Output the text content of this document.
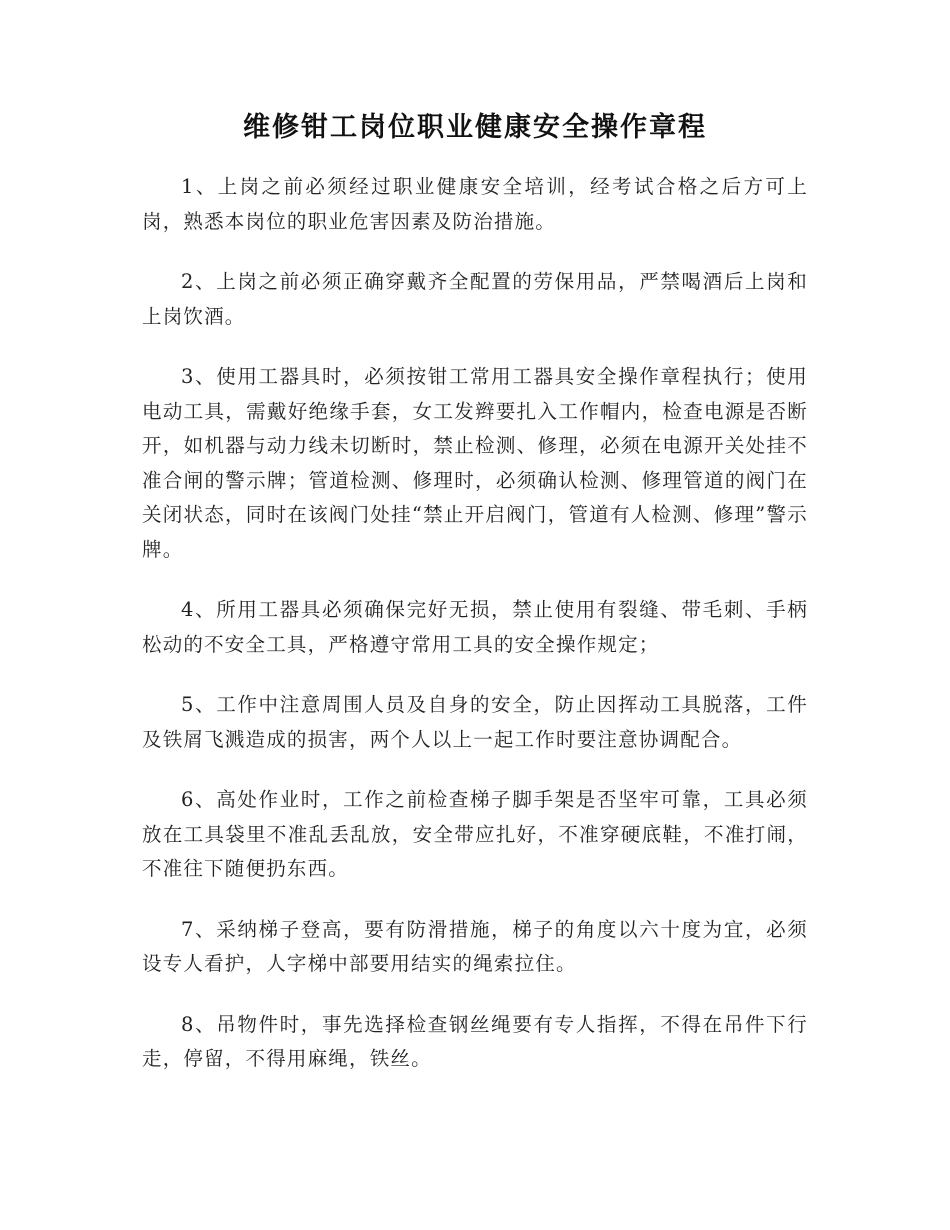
维修钳工岗位职业健康安全操作章程

1、上岗之前必须经过职业健康安全培训，经考试合格之后方可上岗，熟悉本岗位的职业危害因素及防治措施。

2、上岗之前必须正确穿戴齐全配置的劳保用品，严禁喝酒后上岗和上岗饮酒。

3、使用工器具时，必须按钳工常用工器具安全操作章程执行；使用电动工具，需戴好绝缘手套，女工发辫要扎入工作帽内，检查电源是否断开，如机器与动力线未切断时，禁止检测、修理，必须在电源开关处挂不准合闸的警示牌；管道检测、修理时，必须确认检测、修理管道的阀门在关闭状态，同时在该阀门处挂“禁止开启阀门，管道有人检测、修理”警示牌。

4、所用工器具必须确保完好无损，禁止使用有裂缝、带毛刺、手柄松动的不安全工具，严格遵守常用工具的安全操作规定；

5、工作中注意周围人员及自身的安全，防止因挥动工具脱落，工件及铁屑飞溅造成的损害，两个人以上一起工作时要注意协调配合。

6、高处作业时，工作之前检查梯子脚手架是否坚牢可靠，工具必须放在工具袋里不准乱丢乱放，安全带应扎好，不准穿硬底鞋，不准打闹，不准往下随便扔东西。

7、采纳梯子登高，要有防滑措施，梯子的角度以六十度为宜，必须设专人看护，人字梯中部要用结实的绳索拉住。

8、吊物件时，事先选择检查钢丝绳要有专人指挥，不得在吊件下行走，停留，不得用麻绳，铁丝。
